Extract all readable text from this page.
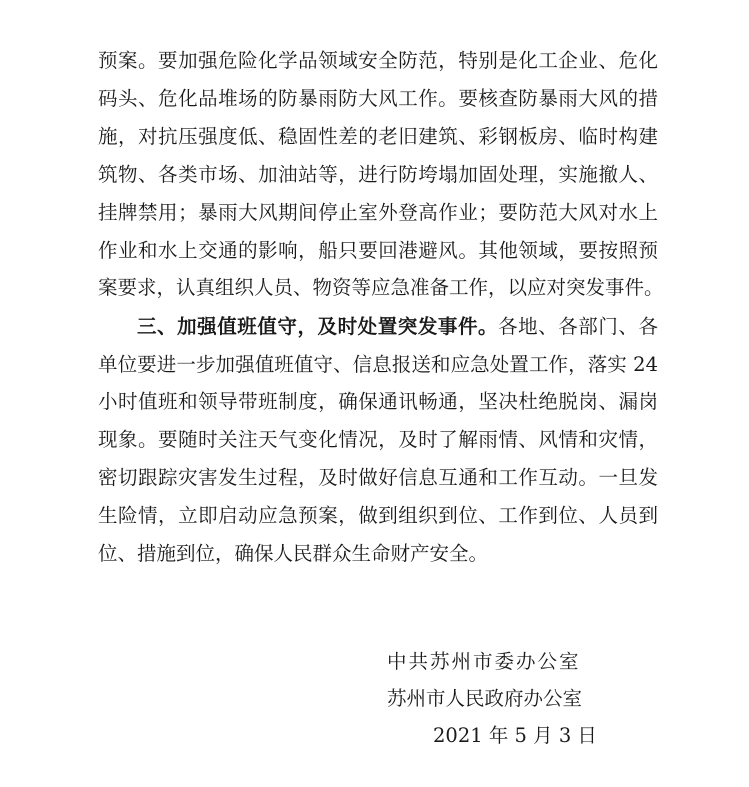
预案。要加强危险化学品领域安全防范，特别是化工企业、危化
码头、危化品堆场的防暴雨防大风工作。要核查防暴雨大风的措
施，对抗压强度低、稳固性差的老旧建筑、彩钢板房、临时构建
筑物、各类市场、加油站等，进行防垮塌加固处理，实施撤人、
挂牌禁用；暴雨大风期间停止室外登高作业；要防范大风对水上
作业和水上交通的影响，船只要回港避风。其他领域，要按照预
案要求，认真组织人员、物资等应急准备工作，以应对突发事件。
三、加强值班值守，及时处置突发事件。各地、各部门、各
单位要进一步加强值班值守、信息报送和应急处置工作，落实 24
小时值班和领导带班制度，确保通讯畅通，坚决杜绝脱岗、漏岗
现象。要随时关注天气变化情况，及时了解雨情、风情和灾情，
密切跟踪灾害发生过程，及时做好信息互通和工作互动。一旦发
生险情，立即启动应急预案，做到组织到位、工作到位、人员到
位、措施到位，确保人民群众生命财产安全。
中共苏州市委办公室
苏州市人民政府办公室
2021 年 5 月 3 日
